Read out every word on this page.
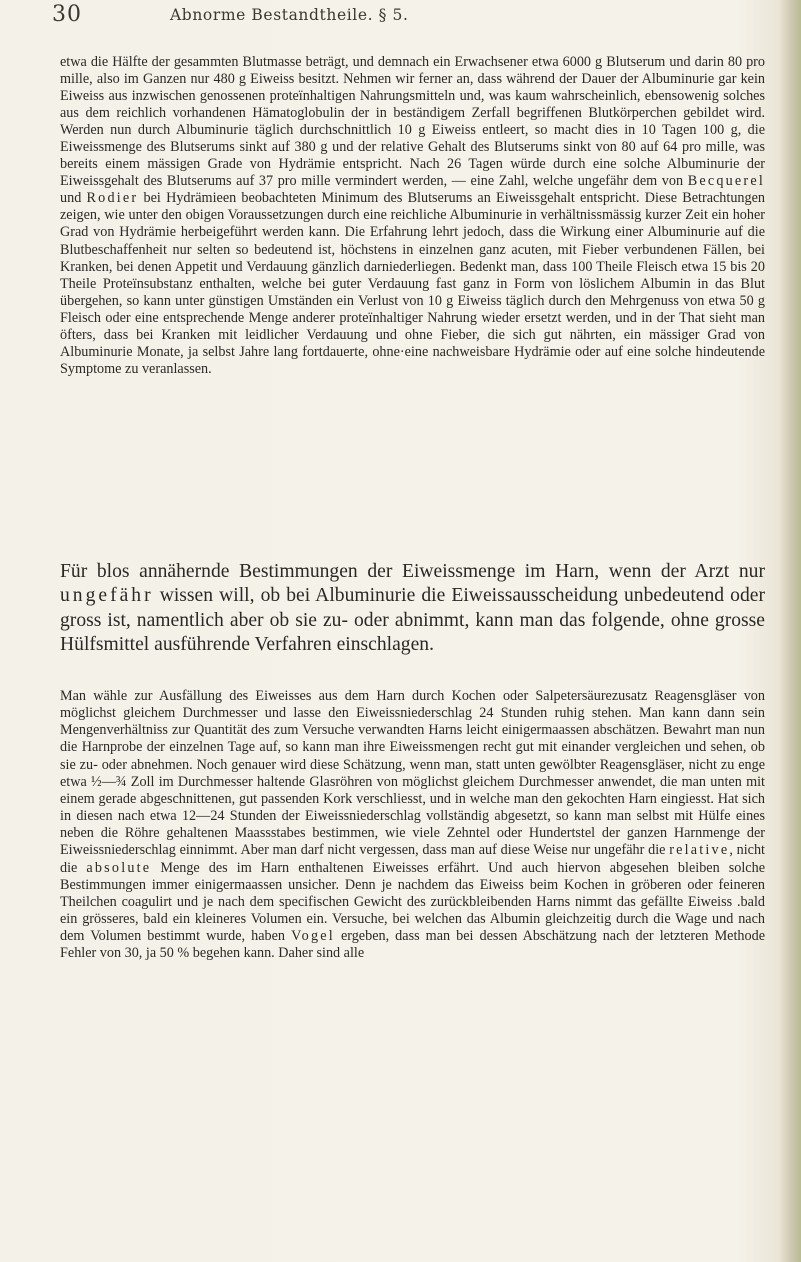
30	Abnorme Bestandtheile. § 5.
etwa die Hälfte der gesammten Blutmasse beträgt, und demnach ein Erwachsener etwa 6000 g Blutserum und darin 80 pro mille, also im Ganzen nur 480 g Eiweiss besitzt. Nehmen wir ferner an, dass während der Dauer der Albuminurie gar kein Eiweiss aus inzwischen genossenen proteïnhaltigen Nahrungsmitteln und, was kaum wahrscheinlich, ebensowenig solches aus dem reichlich vorhandenen Hämatoglobulin der in beständigem Zerfall begriffenen Blutkörperchen gebildet wird. Werden nun durch Albuminurie täglich durchschnittlich 10 g Eiweiss entleert, so macht dies in 10 Tagen 100 g, die Eiweissmenge des Blutserums sinkt auf 380 g und der relative Gehalt des Blutserums sinkt von 80 auf 64 pro mille, was bereits einem mässigen Grade von Hydrämie entspricht. Nach 26 Tagen würde durch eine solche Albuminurie der Eiweissgehalt des Blutserums auf 37 pro mille vermindert werden, — eine Zahl, welche ungefähr dem von Becquerel und Rodier bei Hydrämieen beobachteten Minimum des Blutserums an Eiweissgehalt entspricht. Diese Betrachtungen zeigen, wie unter den obigen Voraussetzungen durch eine reichliche Albuminurie in verhältnissmässig kurzer Zeit ein hoher Grad von Hydrämie herbeigeführt werden kann. Die Erfahrung lehrt jedoch, dass die Wirkung einer Albuminurie auf die Blutbeschaffenheit nur selten so bedeutend ist, höchstens in einzelnen ganz acuten, mit Fieber verbundenen Fällen, bei Kranken, bei denen Appetit und Verdauung gänzlich darniederliegen. Bedenkt man, dass 100 Theile Fleisch etwa 15 bis 20 Theile Proteïnsubstanz enthalten, welche bei guter Verdauung fast ganz in Form von löslichem Albumin in das Blut übergehen, so kann unter günstigen Umständen ein Verlust von 10 g Eiweiss täglich durch den Mehrgenuss von etwa 50 g Fleisch oder eine entsprechende Menge anderer proteïnhaltiger Nahrung wieder ersetzt werden, und in der That sieht man öfters, dass bei Kranken mit leidlicher Verdauung und ohne Fieber, die sich gut nährten, ein mässiger Grad von Albuminurie Monate, ja selbst Jahre lang fortdauerte, ohne·eine nachweisbare Hydrämie oder auf eine solche hindeutende Symptome zu veranlassen.
Für blos annähernde Bestimmungen der Eiweissmenge im Harn, wenn der Arzt nur ungefähr wissen will, ob bei Albuminurie die Eiweissausscheidung unbedeutend oder gross ist, namentlich aber ob sie zu- oder abnimmt, kann man das folgende, ohne grosse Hülfsmittel ausführende Verfahren einschlagen.
Man wähle zur Ausfällung des Eiweisses aus dem Harn durch Kochen oder Salpetersäurezusatz Reagensgläser von möglichst gleichem Durchmesser und lasse den Eiweissniederschlag 24 Stunden ruhig stehen. Man kann dann sein Mengenverhältniss zur Quantität des zum Versuche verwandten Harns leicht einigermaassen abschätzen. Bewahrt man nun die Harnprobe der einzelnen Tage auf, so kann man ihre Eiweissmengen recht gut mit einander vergleichen und sehen, ob sie zu- oder abnehmen. Noch genauer wird diese Schätzung, wenn man, statt unten gewölbter Reagensgläser, nicht zu enge etwa ½—¾ Zoll im Durchmesser haltende Glasröhren von möglichst gleichem Durchmesser anwendet, die man unten mit einem gerade abgeschnittenen, gut passenden Kork verschliesst, und in welche man den gekochten Harn eingiesst. Hat sich in diesen nach etwa 12—24 Stunden der Eiweissniederschlag vollständig abgesetzt, so kann man selbst mit Hülfe eines neben die Röhre gehaltenen Maassstabes bestimmen, wie viele Zehntel oder Hundertstel der ganzen Harnmenge der Eiweissniederschlag einnimmt. Aber man darf nicht vergessen, dass man auf diese Weise nur ungefähr die relative, nicht die absolute Menge des im Harn enthaltenen Eiweisses erfährt. Und auch hiervon abgesehen bleiben solche Bestimmungen immer einigermaassen unsicher. Denn je nachdem das Eiweiss beim Kochen in gröberen oder feineren Theilchen coagulirt und je nach dem specifischen Gewicht des zurückbleibenden Harns nimmt das gefällte Eiweiss .bald ein grösseres, bald ein kleineres Volumen ein. Versuche, bei welchen das Albumin gleichzeitig durch die Wage und nach dem Volumen bestimmt wurde, haben Vogel ergeben, dass man bei dessen Abschätzung nach der letzteren Methode Fehler von 30, ja 50 % begehen kann. Daher sind alle
